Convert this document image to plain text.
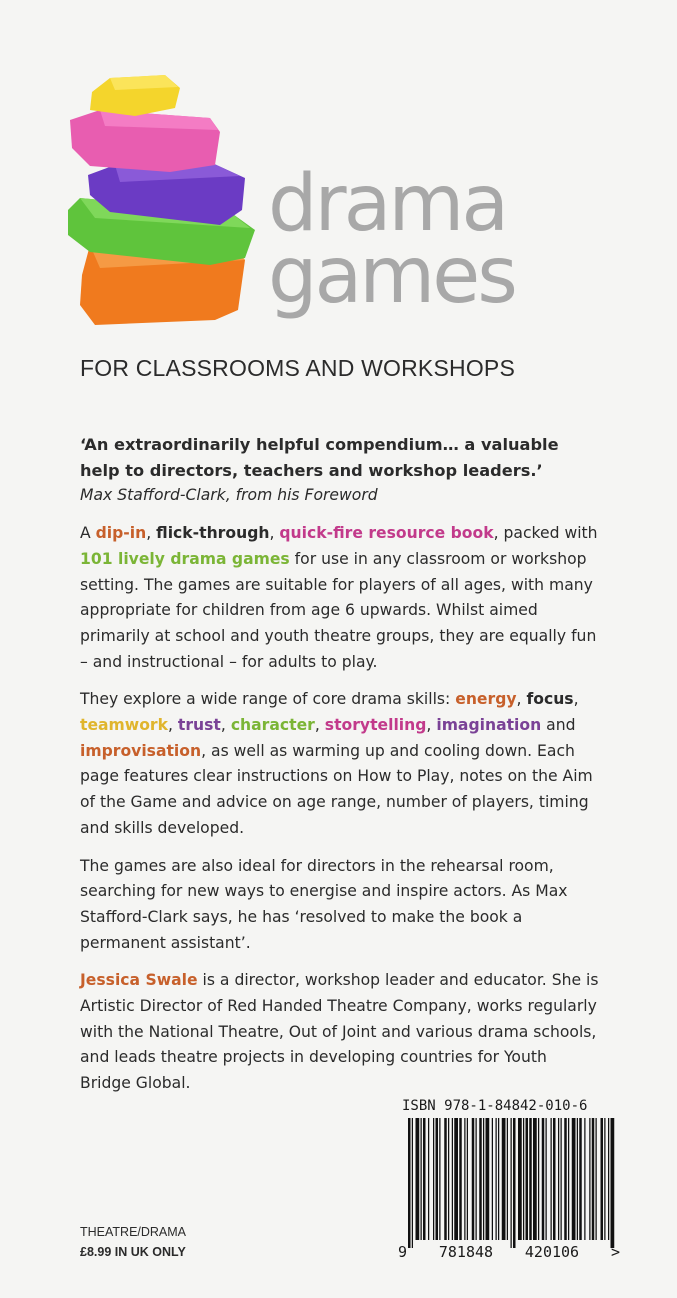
drama
games
FOR CLASSROOMS AND WORKSHOPS

‘An extraordinarily helpful compendium… a valuable help to directors, teachers and workshop leaders.’

Max Stafford-Clark, from his Foreword

A dip-in, flick-through, quick-fire resource book, packed with 101 lively drama games for use in any classroom or workshop setting. The games are suitable for players of all ages, with many appropriate for children from age 6 upwards. Whilst aimed primarily at school and youth theatre groups, they are equally fun – and instructional – for adults to play.

They explore a wide range of core drama skills: energy, focus, teamwork, trust, character, storytelling, imagination and improvisation, as well as warming up and cooling down. Each page features clear instructions on How to Play, notes on the Aim of the Game and advice on age range, number of players, timing and skills developed.

The games are also ideal for directors in the rehearsal room, searching for new ways to energise and inspire actors. As Max Stafford-Clark says, he has ‘resolved to make the book a permanent assistant’.

Jessica Swale is a director, workshop leader and educator. She is Artistic Director of Red Handed Theatre Company, works regularly with the National Theatre, Out of Joint and various drama schools, and leads theatre projects in developing countries for Youth Bridge Global.

ISBN 978-1-84842-010-6
9 781848 420106 >
THEATRE/DRAMA
£8.99 IN UK ONLY
